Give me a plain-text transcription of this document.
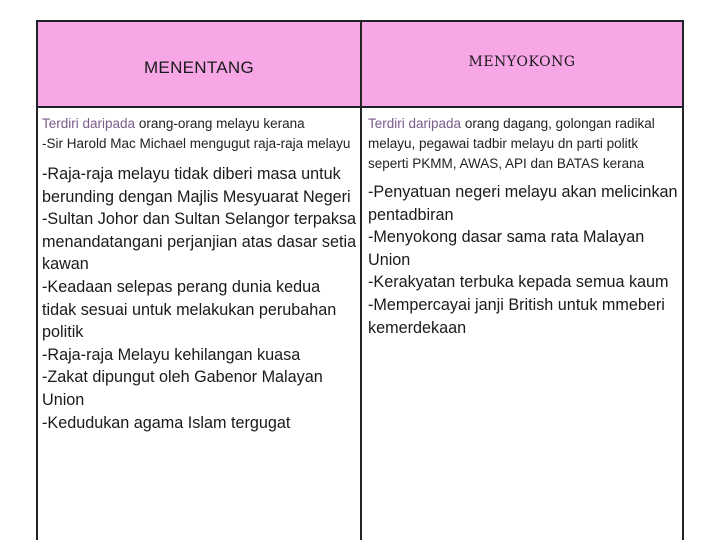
MENENTANG	MENYOKONG
Terdiri daripada orang-orang melayu kerana
-Sir Harold Mac Michael mengugut raja-raja melayu
-Raja-raja melayu tidak diberi masa untuk berunding dengan Majlis Mesyuarat Negeri
-Sultan Johor dan Sultan Selangor terpaksa menandatangani perjanjian atas dasar setia kawan
-Keadaan selepas perang dunia kedua tidak sesuai untuk melakukan perubahan politik
-Raja-raja Melayu kehilangan kuasa
-Zakat dipungut oleh Gabenor Malayan Union
-Kedudukan agama Islam tergugat
Terdiri daripada orang dagang, golongan radikal melayu, pegawai tadbir melayu dn parti politk seperti PKMM, AWAS, API dan BATAS kerana
-Penyatuan negeri melayu akan melicinkan pentadbiran
-Menyokong dasar sama rata Malayan Union
-Kerakyatan terbuka kepada semua kaum
-Mempercayai janji British untuk mmeberi kemerdekaan
